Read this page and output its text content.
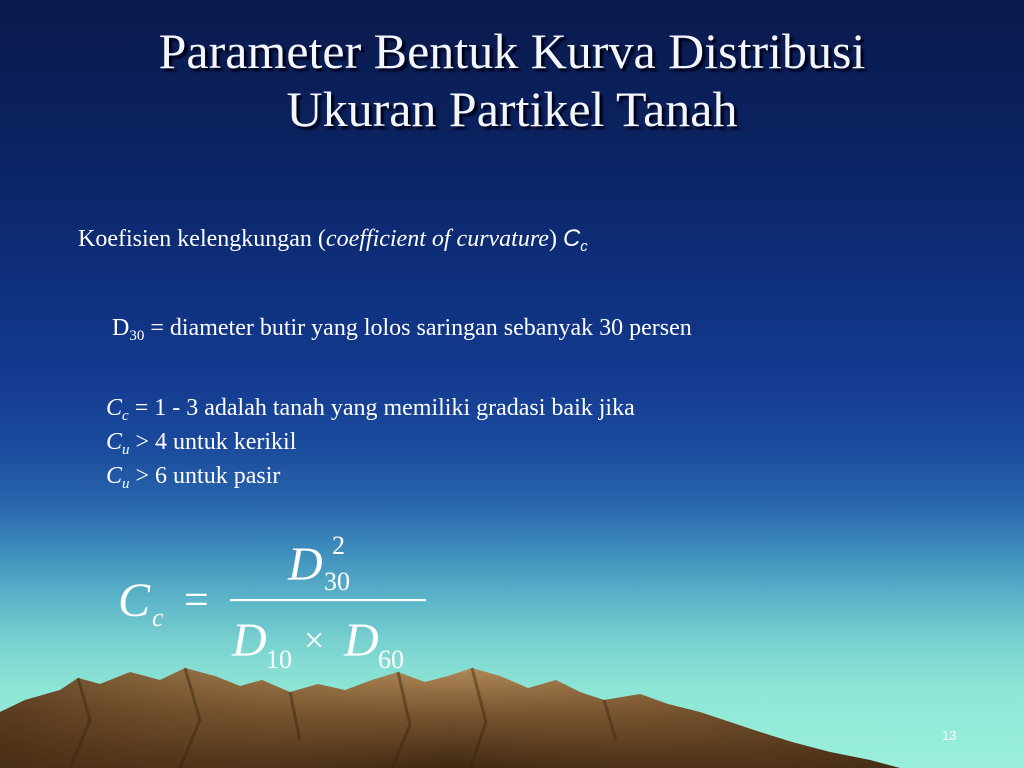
Parameter Bentuk Kurva Distribusi
Ukuran Partikel Tanah
Koefisien kelengkungan (coefficient of curvature) $C_c$
$D_{30}$ = diameter butir yang lolos saringan sebanyak 30 persen
$C_c = 1 - 3$ adalah tanah yang memiliki gradasi baik jika
$C_u > 4$ untuk kerikil
$C_u > 6$ untuk pasir
C c =
D 2
30
D 10 × D 60
13
